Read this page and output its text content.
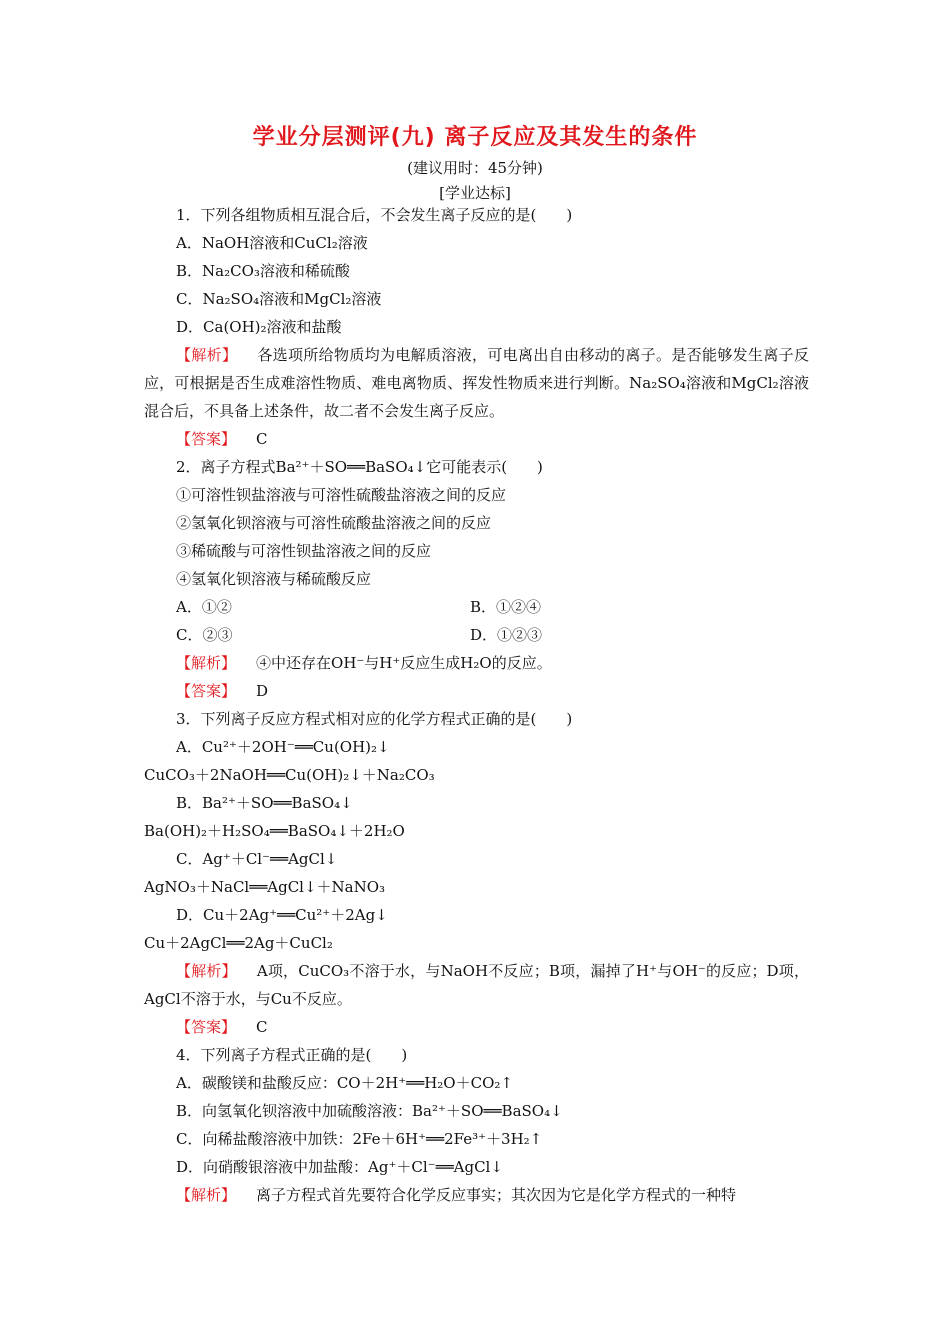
学业分层测评(九) 离子反应及其发生的条件
(建议用时：45分钟)
[学业达标]
1．下列各组物质相互混合后，不会发生离子反应的是(　　)
A．NaOH溶液和CuCl₂溶液
B．Na₂CO₃溶液和稀硫酸
C．Na₂SO₄溶液和MgCl₂溶液
D．Ca(OH)₂溶液和盐酸
【解析】 各选项所给物质均为电解质溶液，可电离出自由移动的离子。是否能够发生离子反应，可根据是否生成难溶性物质、难电离物质、挥发性物质来进行判断。Na₂SO₄溶液和MgCl₂溶液混合后，不具备上述条件，故二者不会发生离子反应。
【答案】 C
2．离子方程式Ba²⁺＋SO══BaSO₄↓它可能表示(　　)
①可溶性钡盐溶液与可溶性硫酸盐溶液之间的反应
②氢氧化钡溶液与可溶性硫酸盐溶液之间的反应
③稀硫酸与可溶性钡盐溶液之间的反应
④氢氧化钡溶液与稀硫酸反应
A．①②	B．①②④
C．②③	D．①②③
【解析】 ④中还存在OH⁻与H⁺反应生成H₂O的反应。
【答案】 D
3．下列离子反应方程式相对应的化学方程式正确的是(　　)
A．Cu²⁺＋2OH⁻══Cu(OH)₂↓
CuCO₃＋2NaOH══Cu(OH)₂↓＋Na₂CO₃
B．Ba²⁺＋SO══BaSO₄↓
Ba(OH)₂＋H₂SO₄══BaSO₄↓＋2H₂O
C．Ag⁺＋Cl⁻══AgCl↓
AgNO₃＋NaCl══AgCl↓＋NaNO₃
D．Cu＋2Ag⁺══Cu²⁺＋2Ag↓
Cu＋2AgCl══2Ag＋CuCl₂
【解析】 A项，CuCO₃不溶于水，与NaOH不反应；B项，漏掉了H⁺与OH⁻的反应；D项，AgCl不溶于水，与Cu不反应。
【答案】 C
4．下列离子方程式正确的是(　　)
A．碳酸镁和盐酸反应：CO＋2H⁺══H₂O＋CO₂↑
B．向氢氧化钡溶液中加硫酸溶液：Ba²⁺＋SO══BaSO₄↓
C．向稀盐酸溶液中加铁：2Fe＋6H⁺══2Fe³⁺＋3H₂↑
D．向硝酸银溶液中加盐酸：Ag⁺＋Cl⁻══AgCl↓
【解析】 离子方程式首先要符合化学反应事实；其次因为它是化学方程式的一种特
